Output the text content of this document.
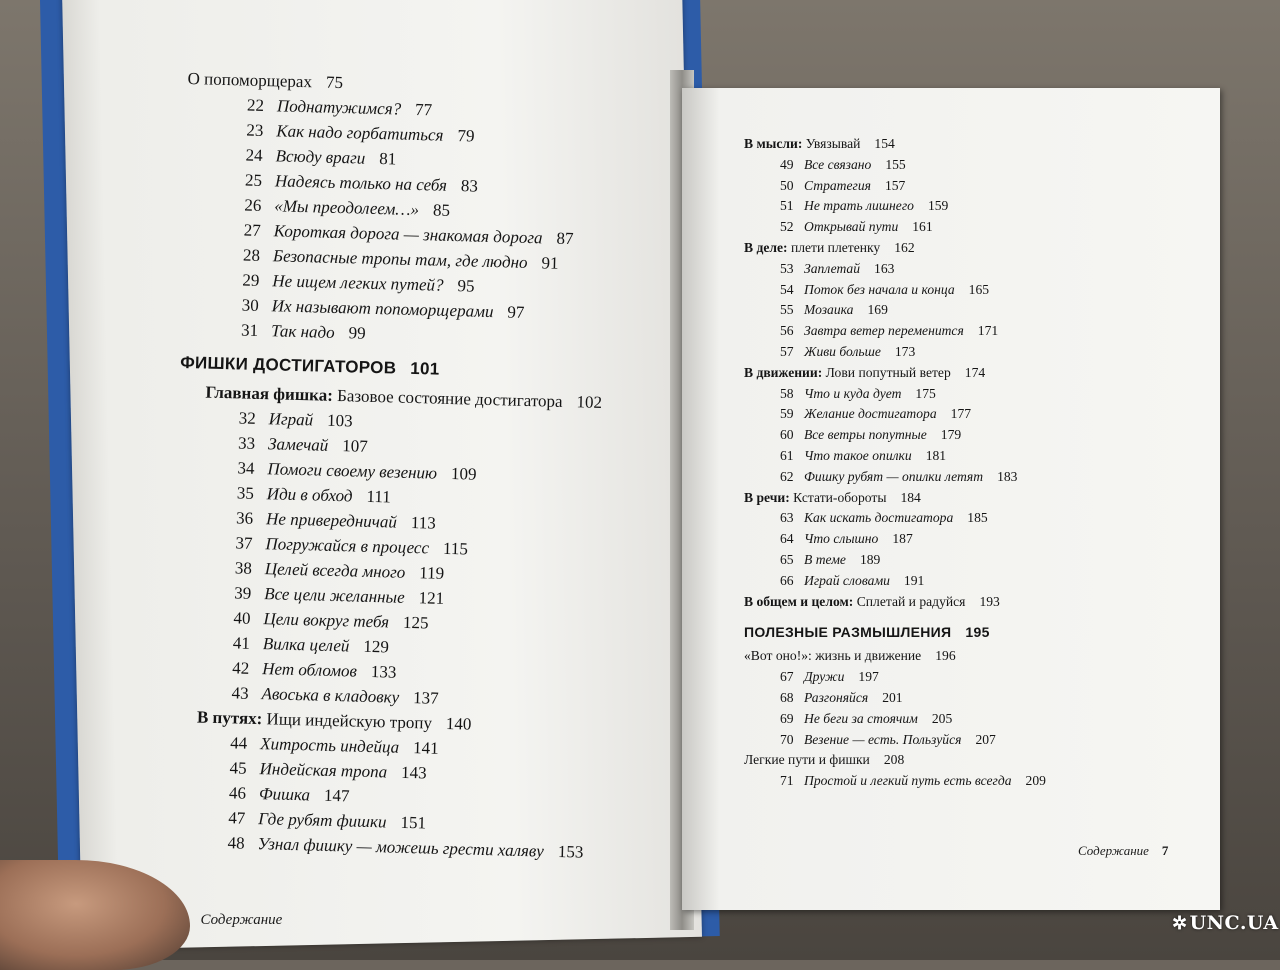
О попоморщерах 75
22 Поднатужимся? 77
23 Как надо горбатиться 79
24 Всюду враги 81
25 Надеясь только на себя 83
26 «Мы преодолеем…» 85
27 Короткая дорога — знакомая дорога 87
28 Безопасные тропы там, где людно 91
29 Не ищем легких путей? 95
30 Их называют попоморщерами 97
31 Так надо 99
ФИШКИ ДОСТИГАТОРОВ 101
Главная фишка: Базовое состояние достигатора 102
32 Играй 103
33 Замечай 107
34 Помоги своему везению 109
35 Иди в обход 111
36 Не привередничай 113
37 Погружайся в процесс 115
38 Целей всегда много 119
39 Все цели желанные 121
40 Цели вокруг тебя 125
41 Вилка целей 129
42 Нет обломов 133
43 Авоська в кладовку 137
В путях: Ищи индейскую тропу 140
44 Хитрость индейца 141
45 Индейская тропа 143
46 Фишка 147
47 Где рубят фишки 151
48 Узнал фишку — можешь грести халяву 153
В мысли: Увязывай 154
49 Все связано 155
50 Стратегия 157
51 Не трать лишнего 159
52 Открывай пути 161
В деле: плети плетенку 162
53 Заплетай 163
54 Поток без начала и конца 165
55 Мозаика 169
56 Завтра ветер переменится 171
57 Живи больше 173
В движении: Лови попутный ветер 174
58 Что и куда дует 175
59 Желание достигатора 177
60 Все ветры попутные 179
61 Что такое опилки 181
62 Фишку рубят — опилки летят 183
В речи: Кстати-обороты 184
63 Как искать достигатора 185
64 Что слышно 187
65 В теме 189
66 Играй словами 191
В общем и целом: Сплетай и радуйся 193
ПОЛЕЗНЫЕ РАЗМЫШЛЕНИЯ 195
«Вот оно!»: жизнь и движение 196
67 Дружи 197
68 Разгоняйся 201
69 Не беги за стоячим 205
70 Везение — есть. Пользуйся 207
Легкие пути и фишки 208
71 Простой и легкий путь есть всегда 209
Содержание
Содержание 7
✲ UNC.UA
